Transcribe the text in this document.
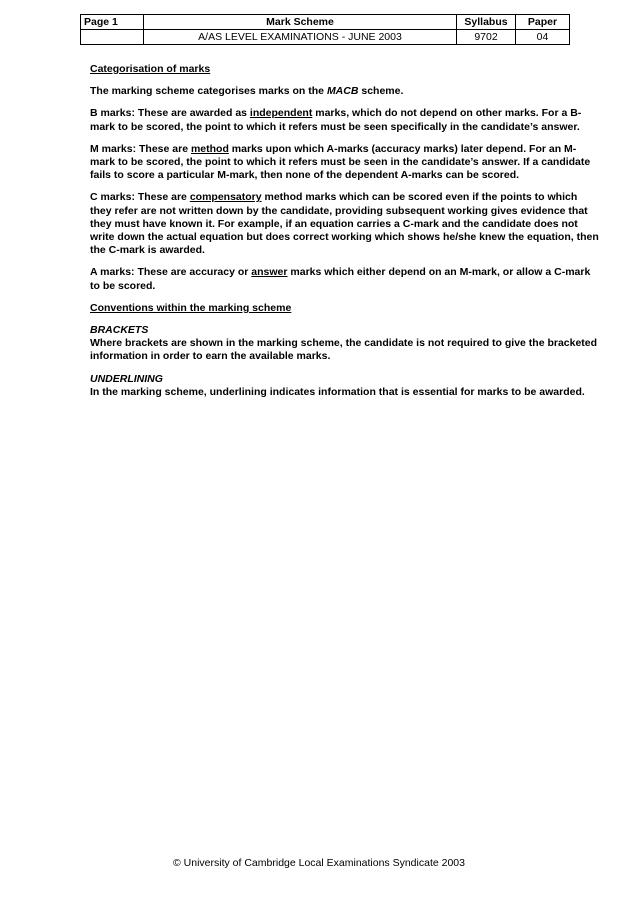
Page 1	Mark Scheme	Syllabus	Paper
	A/AS LEVEL EXAMINATIONS - JUNE 2003	9702	04

Categorisation of marks

The marking scheme categorises marks on the MACB scheme.

B marks: These are awarded as independent marks, which do not depend on other marks. For a B-mark to be scored, the point to which it refers must be seen specifically in the candidate’s answer.

M marks: These are method marks upon which A-marks (accuracy marks) later depend. For an M-mark to be scored, the point to which it refers must be seen in the candidate’s answer. If a candidate fails to score a particular M-mark, then none of the dependent A-marks can be scored.

C marks: These are compensatory method marks which can be scored even if the points to which they refer are not written down by the candidate, providing subsequent working gives evidence that they must have known it. For example, if an equation carries a C-mark and the candidate does not write down the actual equation but does correct working which shows he/she knew the equation, then the C-mark is awarded.

A marks: These are accuracy or answer marks which either depend on an M-mark, or allow a C-mark to be scored.

Conventions within the marking scheme

BRACKETS
Where brackets are shown in the marking scheme, the candidate is not required to give the bracketed information in order to earn the available marks.

UNDERLINING
In the marking scheme, underlining indicates information that is essential for marks to be awarded.

© University of Cambridge Local Examinations Syndicate 2003
